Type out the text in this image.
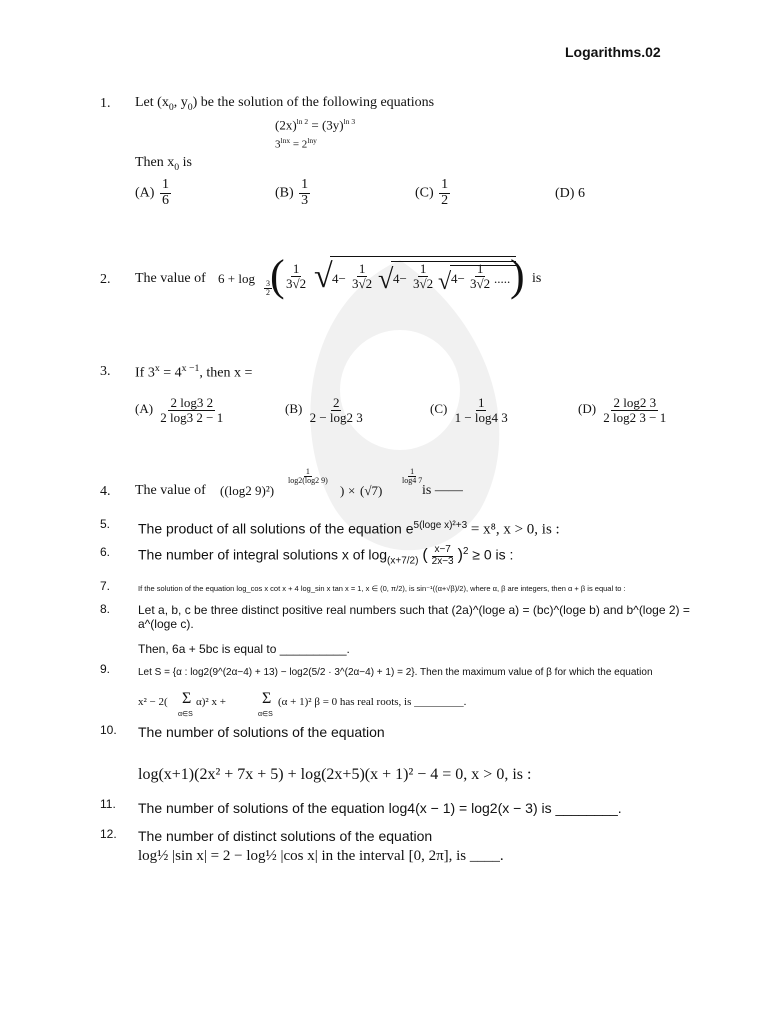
Logarithms.02
1. Let ($x_0$, $y_0$) be the solution of the following equations
$(2x)^{ln 2} = (3y)^{ln 3}$
$3^{lnx} = 2^{lny}$
Then $x_0$ is
$(A) \frac{1}{6}$	$(B) \frac{1}{3}$	$(C) \frac{1}{2}$	(D) 6
2. The value of 6 + log
$\frac{3}{2}$
( $\frac{1}{3√2}$ √ $4- \frac{1}{3√2}$ √ $4- \frac{1}{3√2}$ √ $4- \frac{1}{3√2}$ ..... ) is
3. If $3^x = 4^{x -1}$, then x =
$(A) \frac{2 \log 3 2}{2 \log 3 2 - 1}$	$(B) \frac{2}{2 - \log 2 3}$	$(C) \frac{1}{1 - \log 4 3}$	$(D) \frac{2 \log 2 3}{2 \log 2 3 - 1}$
4. The value of ((log2 9)²)
$\frac{1}{\log 2(\log 2 9)}$
) × (√7)
$\frac{1}{\log 4 7}$
is ——
5. The product of all solutions of the equation $e^{5(loge x)^2+3} = x^8$, x > 0, is :
6. The number of integral solutions x of $\log_{(x+7/2)}$ ( $\frac{x-7}{2x-3} )^2 \ge 0$ is :
7.	If the solution of the equation log_cos x cot x + 4 log_sin x tan x = 1, x ∈ (0, π/2), is sin⁻¹((α+√β)/2), where α, β are integers, then α + β is equal to :
8. Let a, b, c be three distinct positive real numbers such that (2a)^(loge a) = (bc)^(loge b) and b^(loge 2) = a^(loge c).
Then, 6a + 5bc is equal to __________.
9.	Let S = {α : log2(9^(2α−4) + 13) − log2(5/2 · 3^(2α−4) + 1) = 2}. Then the maximum value of β for which the equation
x² − 2( Σ
α∈S
α)² x + Σ
α∈S
(α + 1)² β = 0 has real roots, is _________.
10. The number of solutions of the equation
log(x+1)(2x² + 7x + 5) + log(2x+5)(x + 1)² − 4 = 0, x > 0, is :
11. The number of solutions of the equation log4(x − 1) = log2(x − 3) is ________.
12. The number of distinct solutions of the equation
log½ |sin x| = 2 − log½ |cos x| in the interval [0, 2π], is ____.
